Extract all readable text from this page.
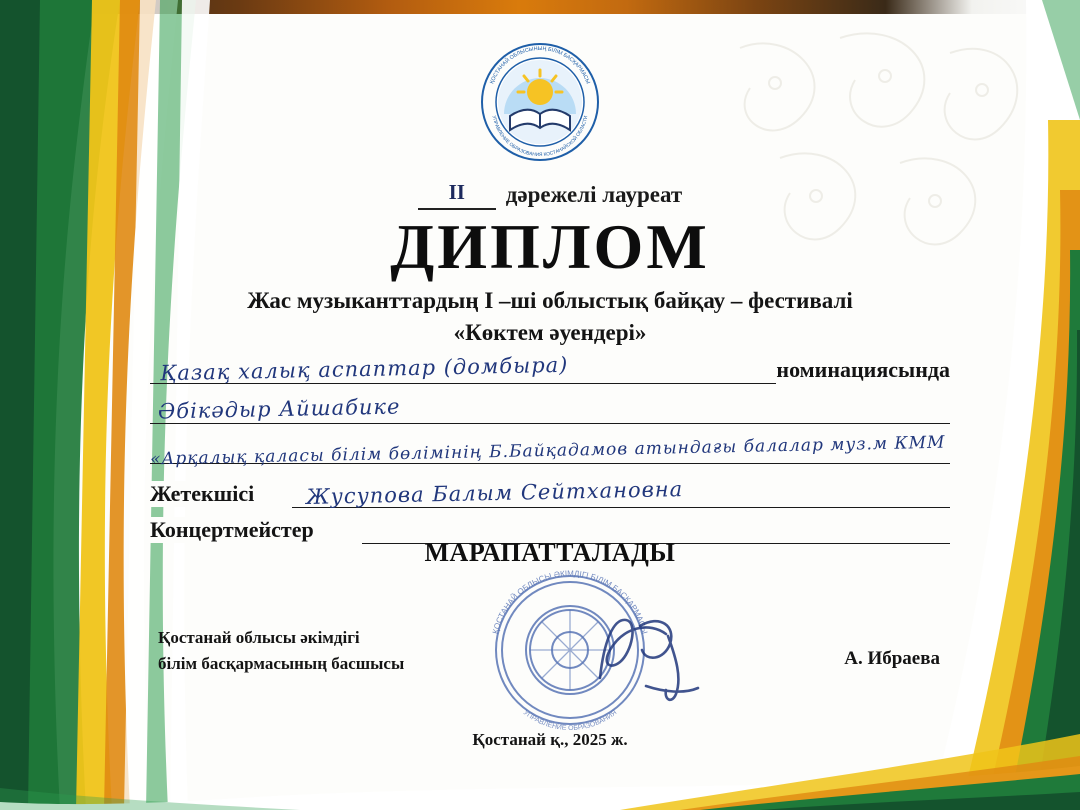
ҚОСТАНАЙ ОБЛЫСЫНЫҢ БІЛІМ БАСҚАРМАСЫ
УПРАВЛЕНИЕ ОБРАЗОВАНИЯ КОСТАНАЙСКОЙ ОБЛАСТИ
II дәрежелі лауреат
ДИПЛОМ
Жас музыканттардың I –ші облыстық байқау – фестивалі
«Көктем әуендері»
Қазақ халық аспаптар (домбыра)	номинациясында
Әбікәдыр Айшабике
«Арқалық қаласы білім бөлімінің Б.Байқадамов атындағы балалар муз.м КММ
Жетекшісі Жусупова Балым Сейтхановна
Концертмейстер
МАРАПАТТАЛАДЫ
ҚОСТАНАЙ ОБЛЫСЫ ӘКІМДІГІ БІЛІМ БАСҚАРМАСЫ
УПРАВЛЕНИЕ ОБРАЗОВАНИЯ
Қостанай облысы әкімдігі
білім басқармасының басшысы	А. Ибраева
Қостанай қ., 2025 ж.
